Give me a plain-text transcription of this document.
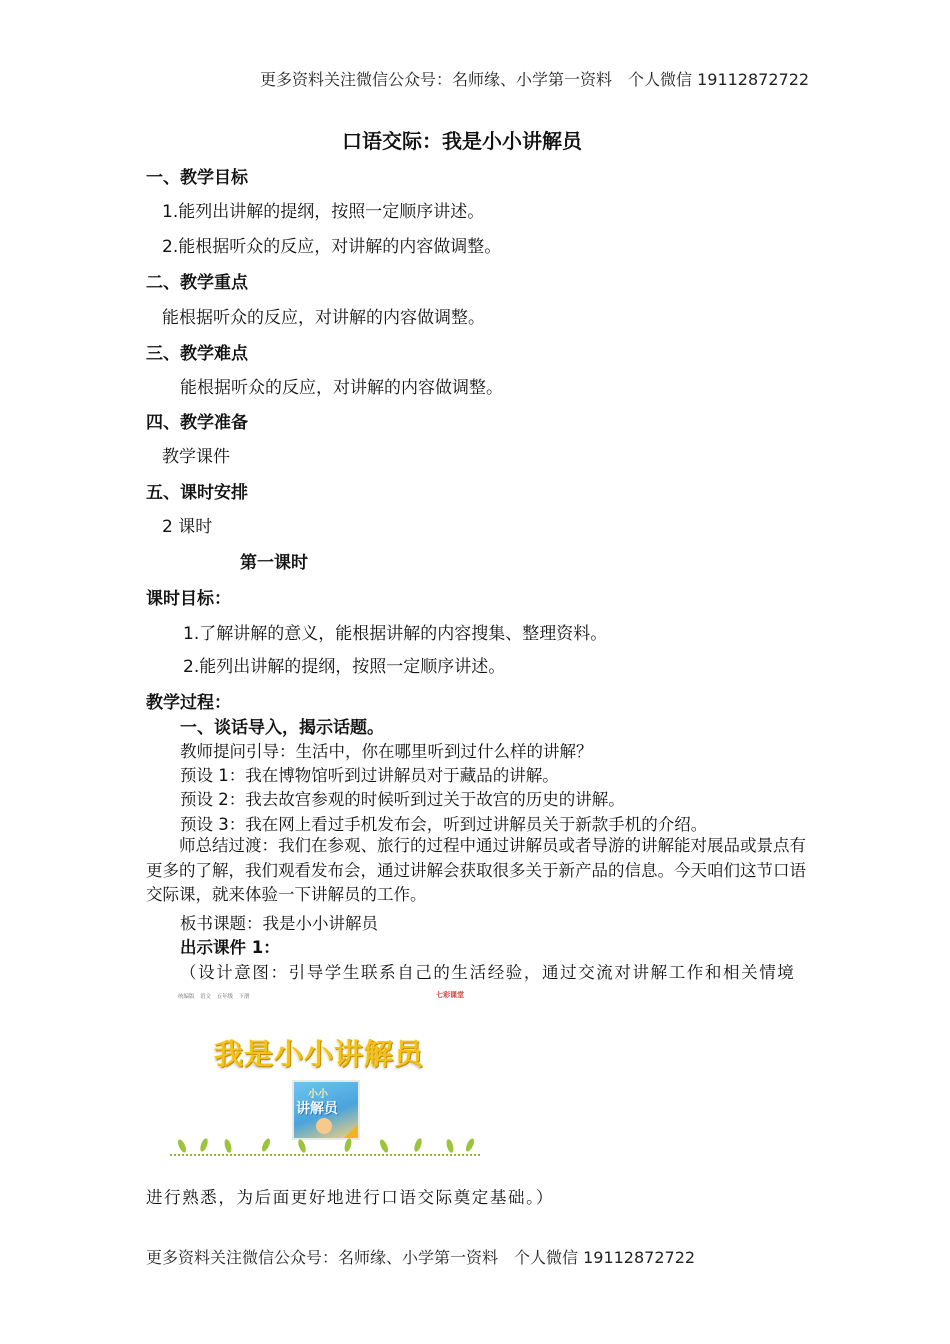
更多资料关注微信公众号：名师缘、小学第一资料　个人微信 19112872722
口语交际：我是小小讲解员
一、教学目标
1.能列出讲解的提纲，按照一定顺序讲述。
2.能根据听众的反应，对讲解的内容做调整。
二、教学重点
能根据听众的反应，对讲解的内容做调整。
三、教学难点
能根据听众的反应，对讲解的内容做调整。
四、教学准备
教学课件
五、课时安排
2 课时
第一课时
课时目标：
1.了解讲解的意义，能根据讲解的内容搜集、整理资料。
2.能列出讲解的提纲，按照一定顺序讲述。
教学过程：
一、谈话导入，揭示话题。
教师提问引导：生活中，你在哪里听到过什么样的讲解？
预设 1：我在博物馆听到过讲解员对于藏品的讲解。
预设 2：我去故宫参观的时候听到过关于故宫的历史的讲解。
预设 3：我在网上看过手机发布会，听到过讲解员关于新款手机的介绍。
师总结过渡：我们在参观、旅行的过程中通过讲解员或者导游的讲解能对展品或景点有更多的了解，我们观看发布会，通过讲解会获取很多关于新产品的信息。今天咱们这节口语交际课，就来体验一下讲解员的工作。
板书课题：我是小小讲解员
出示课件 1：
（设计意图：引导学生联系自己的生活经验，通过交流对讲解工作和相关情境
统编版　语文　五年级　下册	七彩课堂
我是小小讲解员
小小
讲解员
进行熟悉，为后面更好地进行口语交际奠定基础。）
更多资料关注微信公众号：名师缘、小学第一资料　个人微信 19112872722
